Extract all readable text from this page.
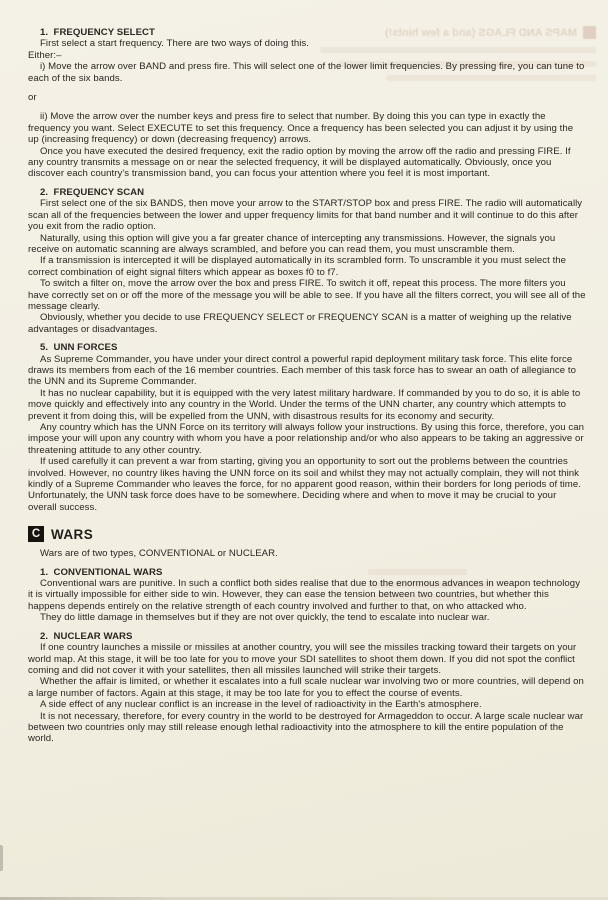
MAPS AND FLAGS (and a few hints!)
1.  FREQUENCY SELECT
First select a start frequency. There are two ways of doing this.
Either:–
i) Move the arrow over BAND and press fire. This will select one of the lower limit frequencies. By pressing fire, you can tune to each of the six bands.
or
ii) Move the arrow over the number keys and press fire to select that number. By doing this you can type in exactly the frequency you want. Select EXECUTE to set this frequency. Once a frequency has been selected you can adjust it by using the up (increasing frequency) or down (decreasing frequency) arrows.
Once you have executed the desired frequency, exit the radio option by moving the arrow off the radio and pressing FIRE. If any country transmits a message on or near the selected frequency, it will be displayed automatically. Obviously, once you discover each country's transmission band, you can focus your attention where you feel it is most important.
2.  FREQUENCY SCAN
First select one of the six BANDS, then move your arrow to the START/STOP box and press FIRE. The radio will automatically scan all of the frequencies between the lower and upper frequency limits for that band number and it will continue to do this after you exit from the radio option.
Naturally, using this option will give you a far greater chance of intercepting any transmissions. However, the signals you receive on automatic scanning are always scrambled, and before you can read them, you must unscramble them.
If a transmission is intercepted it will be displayed automatically in its scrambled form. To unscramble it you must select the correct combination of eight signal filters which appear as boxes f0 to f7.
To switch a filter on, move the arrow over the box and press FIRE. To switch it off, repeat this process. The more filters you have correctly set on or off the more of the message you will be able to see. If you have all the filters correct, you will see all of the message clearly.
Obviously, whether you decide to use FREQUENCY SELECT or FREQUENCY SCAN is a matter of weighing up the relative advantages or disadvantages.
5.  UNN FORCES
As Supreme Commander, you have under your direct control a powerful rapid deployment military task force. This elite force draws its members from each of the 16 member countries. Each member of this task force has to swear an oath of allegiance to the UNN and its Supreme Commander.
It has no nuclear capability, but it is equipped with the very latest military hardware. If commanded by you to do so, it is able to move quickly and effectively into any country in the World. Under the terms of the UNN charter, any country which attempts to prevent it from doing this, will be expelled from the UNN, with disastrous results for its economy and security.
Any country which has the UNN Force on its territory will always follow your instructions. By using this force, therefore, you can impose your will upon any country with whom you have a poor relationship and/or who also appears to be taking an aggressive or threatening attitude to any other country.
If used carefully it can prevent a war from starting, giving you an opportunity to sort out the problems between the countries involved. However, no country likes having the UNN force on its soil and whilst they may not actually complain, they will not think kindly of a Supreme Commander who leaves the force, for no apparent good reason, within their borders for long periods of time. Unfortunately, the UNN task force does have to be somewhere. Deciding where and when to move it may be crucial to your overall success.
C WARS
Wars are of two types, CONVENTIONAL or NUCLEAR.
1.  CONVENTIONAL WARS
Conventional wars are punitive. In such a conflict both sides realise that due to the enormous advances in weapon technology it is virtually impossible for either side to win. However, they can ease the tension between two countries, but whether this happens depends entirely on the relative strength of each country involved and further to that, on who attacked who.
They do little damage in themselves but if they are not over quickly, the tend to escalate into nuclear war.
2.  NUCLEAR WARS
If one country launches a missile or missiles at another country, you will see the missiles tracking toward their targets on your world map. At this stage, it will be too late for you to move your SDI satellites to shoot them down. If you did not spot the conflict coming and did not cover it with your satellites, then all missiles launched will strike their targets.
Whether the affair is limited, or whether it escalates into a full scale nuclear war involving two or more countries, will depend on a large number of factors. Again at this stage, it may be too late for you to effect the course of events.
A side effect of any nuclear conflict is an increase in the level of radioactivity in the Earth's atmosphere.
It is not necessary, therefore, for every country in the world to be destroyed for Armageddon to occur. A large scale nuclear war between two countries only may still release enough lethal radioactivity into the atmosphere to kill the entire population of the world.
